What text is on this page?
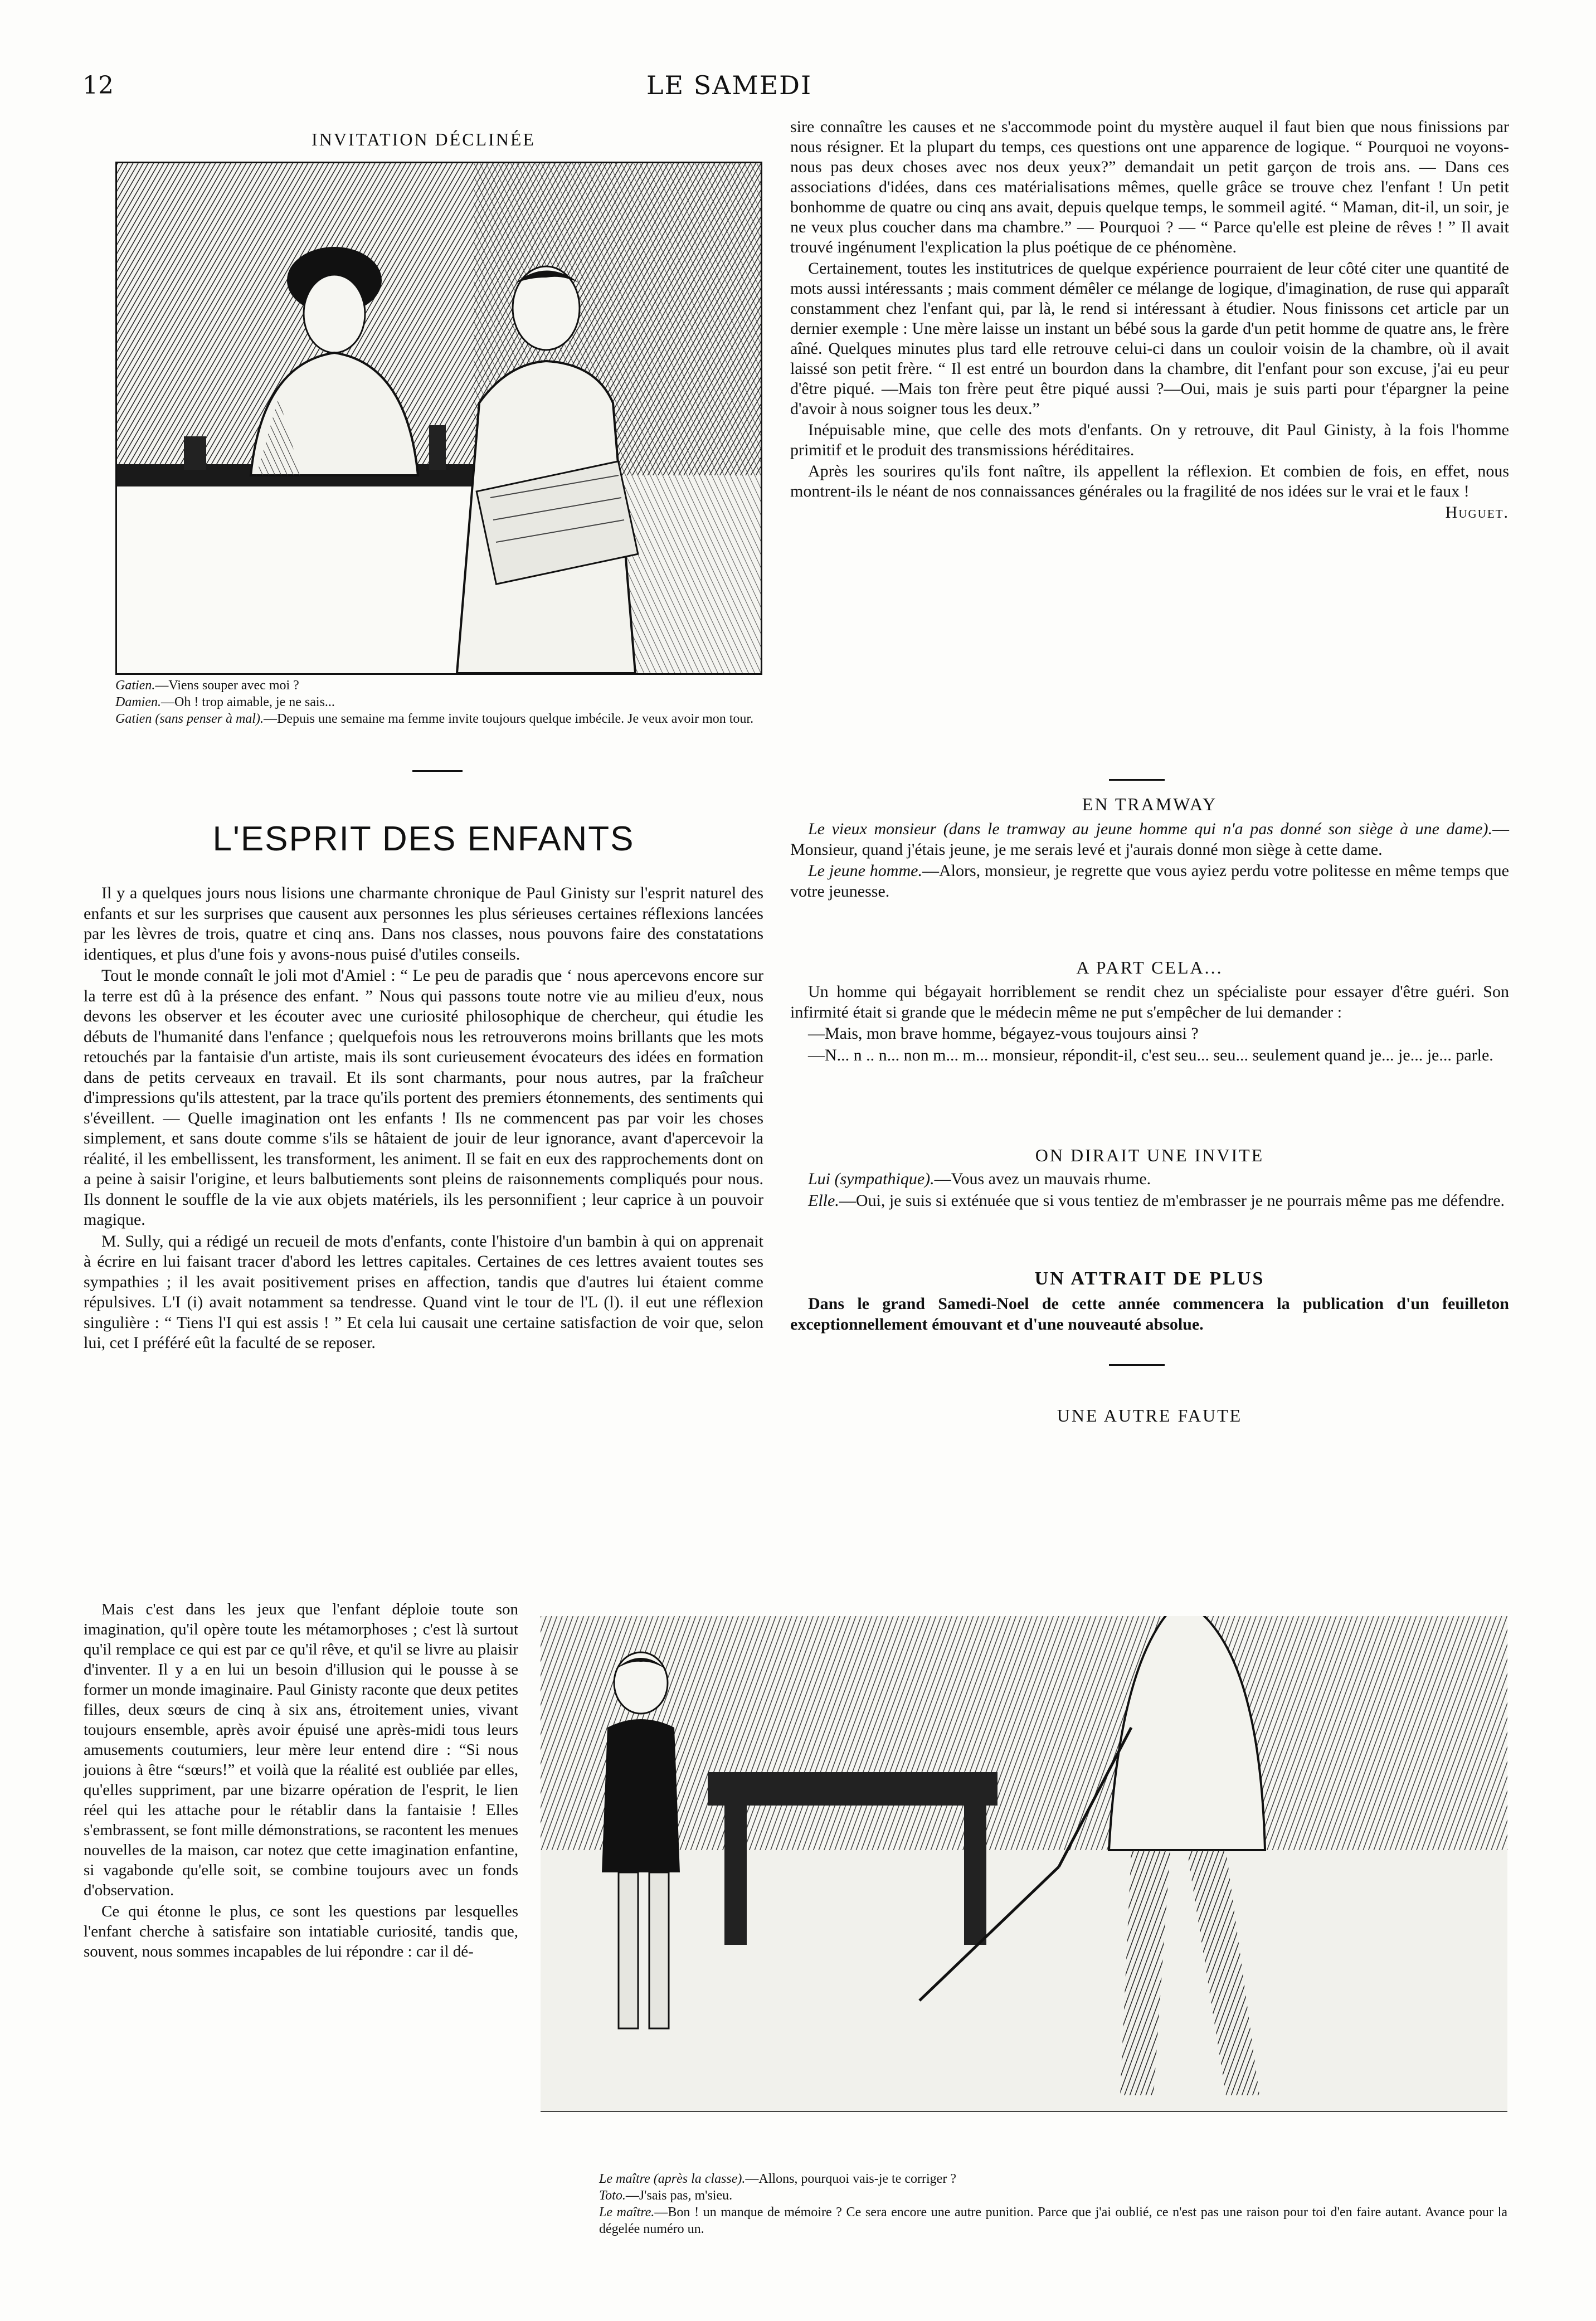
12	LE SAMEDI
INVITATION DÉCLINÉE
Gatien.—Viens souper avec moi ?
Damien.—Oh ! trop aimable, je ne sais...
Gatien (sans penser à mal).—Depuis une semaine ma femme invite toujours quelque imbécile. Je veux avoir mon tour.
L'ESPRIT DES ENFANTS

Il y a quelques jours nous lisions une charmante chronique de Paul Ginisty sur l'esprit naturel des enfants et sur les surprises que causent aux personnes les plus sérieuses certaines réflexions lancées par les lèvres de trois, quatre et cinq ans. Dans nos classes, nous pouvons faire des constatations identiques, et plus d'une fois y avons-nous puisé d'utiles conseils.

Tout le monde connaît le joli mot d'Amiel : “ Le peu de paradis que ‘ nous apercevons encore sur la terre est dû à la présence des enfant. ” Nous qui passons toute notre vie au milieu d'eux, nous devons les observer et les écouter avec une curiosité philosophique de chercheur, qui étudie les débuts de l'humanité dans l'enfance ; quelquefois nous les retrouverons moins brillants que les mots retouchés par la fantaisie d'un artiste, mais ils sont curieusement évocateurs des idées en formation dans de petits cerveaux en travail. Et ils sont charmants, pour nous autres, par la fraîcheur d'impressions qu'ils attestent, par la trace qu'ils portent des premiers étonnements, des sentiments qui s'éveillent. — Quelle imagination ont les enfants ! Ils ne commencent pas par voir les choses simplement, et sans doute comme s'ils se hâtaient de jouir de leur ignorance, avant d'apercevoir la réalité, il les embellissent, les transforment, les animent. Il se fait en eux des rapprochements dont on a peine à saisir l'origine, et leurs balbutiements sont pleins de raisonnements compliqués pour nous. Ils donnent le souffle de la vie aux objets matériels, ils les personnifient ; leur caprice à un pouvoir magique.

M. Sully, qui a rédigé un recueil de mots d'enfants, conte l'histoire d'un bambin à qui on apprenait à écrire en lui faisant tracer d'abord les lettres capitales. Certaines de ces lettres avaient toutes ses sympathies ; il les avait positivement prises en affection, tandis que d'autres lui étaient comme répulsives. L'I (i) avait notamment sa tendresse. Quand vint le tour de l'L (l). il eut une réflexion singulière : “ Tiens l'I qui est assis ! ” Et cela lui causait une certaine satisfaction de voir que, selon lui, cet I préféré eût la faculté de se reposer.

Mais c'est dans les jeux que l'enfant déploie toute son imagination, qu'il opère toute les métamorphoses ; c'est là surtout qu'il remplace ce qui est par ce qu'il rêve, et qu'il se livre au plaisir d'inventer. Il y a en lui un besoin d'illusion qui le pousse à se former un monde imaginaire. Paul Ginisty raconte que deux petites filles, deux sœurs de cinq à six ans, étroitement unies, vivant toujours ensemble, après avoir épuisé une après-midi tous leurs amusements coutumiers, leur mère leur entend dire : “Si nous jouions à être “sœurs!” et voilà que la réalité est oubliée par elles, qu'elles suppriment, par une bizarre opération de l'esprit, le lien réel qui les attache pour le rétablir dans la fantaisie ! Elles s'embrassent, se font mille démonstrations, se racontent les menues nouvelles de la maison, car notez que cette imagination enfantine, si vagabonde qu'elle soit, se combine toujours avec un fonds d'observation.

Ce qui étonne le plus, ce sont les questions par lesquelles l'enfant cherche à satisfaire son intatiable curiosité, tandis que, souvent, nous sommes incapables de lui répondre : car il dé-

sire connaître les causes et ne s'accommode point du mystère auquel il faut bien que nous finissions par nous résigner. Et la plupart du temps, ces questions ont une apparence de logique. “ Pourquoi ne voyons-nous pas deux choses avec nos deux yeux?” demandait un petit garçon de trois ans. — Dans ces associations d'idées, dans ces matérialisations mêmes, quelle grâce se trouve chez l'enfant ! Un petit bonhomme de quatre ou cinq ans avait, depuis quelque temps, le sommeil agité. “ Maman, dit-il, un soir, je ne veux plus coucher dans ma chambre.” — Pourquoi ? — “ Parce qu'elle est pleine de rêves ! ” Il avait trouvé ingénument l'explication la plus poétique de ce phénomène.

Certainement, toutes les institutrices de quelque expérience pourraient de leur côté citer une quantité de mots aussi intéressants ; mais comment démêler ce mélange de logique, d'imagination, de ruse qui apparaît constamment chez l'enfant qui, par là, le rend si intéressant à étudier. Nous finissons cet article par un dernier exemple : Une mère laisse un instant un bébé sous la garde d'un petit homme de quatre ans, le frère aîné. Quelques minutes plus tard elle retrouve celui-ci dans un couloir voisin de la chambre, où il avait laissé son petit frère. “ Il est entré un bourdon dans la chambre, dit l'enfant pour son excuse, j'ai eu peur d'être piqué. —Mais ton frère peut être piqué aussi ?—Oui, mais je suis parti pour t'épargner la peine d'avoir à nous soigner tous les deux.”

Inépuisable mine, que celle des mots d'enfants. On y retrouve, dit Paul Ginisty, à la fois l'homme primitif et le produit des transmissions héréditaires.

Après les sourires qu'ils font naître, ils appellent la réflexion. Et combien de fois, en effet, nous montrent-ils le néant de nos connaissances générales ou la fragilité de nos idées sur le vrai et le faux !

Huguet.

EN TRAMWAY

Le vieux monsieur (dans le tramway au jeune homme qui n'a pas donné son siège à une dame).—Monsieur, quand j'étais jeune, je me serais levé et j'aurais donné mon siège à cette dame.

Le jeune homme.—Alors, monsieur, je regrette que vous ayiez perdu votre politesse en même temps que votre jeunesse.

A PART CELA...

Un homme qui bégayait horriblement se rendit chez un spécialiste pour essayer d'être guéri. Son infirmité était si grande que le médecin même ne put s'empêcher de lui demander :

—Mais, mon brave homme, bégayez-vous toujours ainsi ?

—N... n .. n... non m... m... monsieur, répondit-il, c'est seu... seu... seulement quand je... je... je... parle.

ON DIRAIT UNE INVITE

Lui (sympathique).—Vous avez un mauvais rhume.

Elle.—Oui, je suis si exténuée que si vous tentiez de m'embrasser je ne pourrais même pas me défendre.

UN ATTRAIT DE PLUS

Dans le grand Samedi-Noel de cette année commencera la publication d'un feuilleton exceptionnellement émouvant et d'une nouveauté absolue.

UNE AUTRE FAUTE
Le maître (après la classe).—Allons, pourquoi vais-je te corriger ?
Toto.—J'sais pas, m'sieu.
Le maître.—Bon ! un manque de mémoire ? Ce sera encore une autre punition. Parce que j'ai oublié, ce n'est pas une raison pour toi d'en faire autant. Avance pour la dégelée numéro un.
